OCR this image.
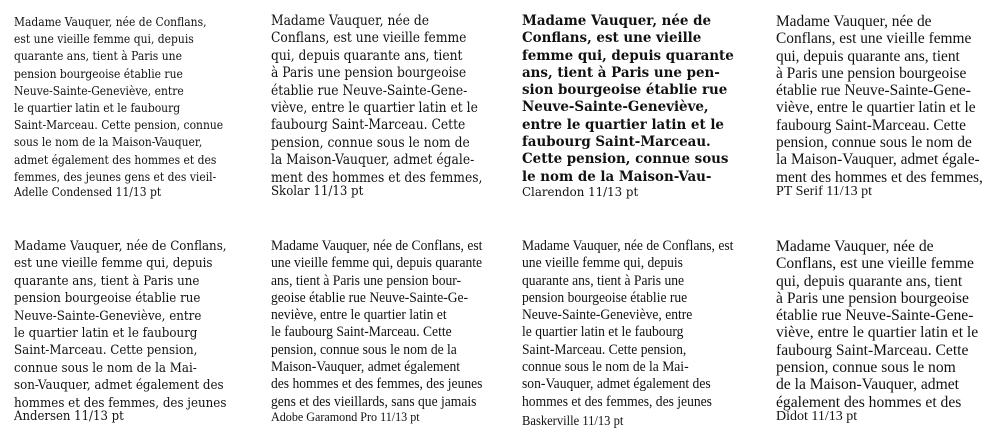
Madame Vauquer, née de Conflans,
est une vieille femme qui, depuis
quarante ans, tient à Paris une
pension bourgeoise établie rue
Neuve-Sainte-Geneviève, entre
le quartier latin et le faubourg
Saint-Marceau. Cette pension, connue
sous le nom de la Maison-Vauquer,
admet également des hommes et des
femmes, des jeunes gens et des vieil-

Adelle Condensed 11/13 pt

Madame Vauquer, née de
Conflans, est une vieille femme
qui, depuis quarante ans, tient
à Paris une pension bourgeoise
établie rue Neuve-Sainte-Gene-
viève, entre le quartier latin et le
faubourg Saint-Marceau. Cette
pension, connue sous le nom de
la Maison-Vauquer, admet égale-
ment des hommes et des femmes,

Skolar 11/13 pt

Madame Vauquer, née de
Conflans, est une vieille
femme qui, depuis quarante
ans, tient à Paris une pen-
sion bourgeoise établie rue
Neuve-Sainte-Geneviève,
entre le quartier latin et le
faubourg Saint-Marceau.
Cette pension, connue sous
le nom de la Maison-Vau-

Clarendon 11/13 pt

Madame Vauquer, née de
Conflans, est une vieille femme
qui, depuis quarante ans, tient
à Paris une pension bourgeoise
établie rue Neuve-Sainte-Gene-
viève, entre le quartier latin et le
faubourg Saint-Marceau. Cette
pension, connue sous le nom de
la Maison-Vauquer, admet égale-
ment des hommes et des femmes,

PT Serif 11/13 pt

Madame Vauquer, née de Conflans,
est une vieille femme qui, depuis
quarante ans, tient à Paris une
pension bourgeoise établie rue
Neuve-Sainte-Geneviève, entre
le quartier latin et le faubourg
Saint-Marceau. Cette pension,
connue sous le nom de la Mai-
son-Vauquer, admet également des
hommes et des femmes, des jeunes

Andersen 11/13 pt

Madame Vauquer, née de Conflans, est
une vieille femme qui, depuis quarante
ans, tient à Paris une pension bour-
geoise établie rue Neuve-Sainte-Ge-
neviève, entre le quartier latin et
le faubourg Saint-Marceau. Cette
pension, connue sous le nom de la
Maison-Vauquer, admet également
des hommes et des femmes, des jeunes
gens et des vieillards, sans que jamais

Adobe Garamond Pro 11/13 pt

Madame Vauquer, née de Conflans, est
une vieille femme qui, depuis
quarante ans, tient à Paris une
pension bourgeoise établie rue
Neuve-Sainte-Geneviève, entre
le quartier latin et le faubourg
Saint-Marceau. Cette pension,
connue sous le nom de la Mai-
son-Vauquer, admet également des
hommes et des femmes, des jeunes

Baskerville 11/13 pt

Madame Vauquer, née de
Conflans, est une vieille femme
qui, depuis quarante ans, tient
à Paris une pension bourgeoise
établie rue Neuve-Sainte-Gene-
viève, entre le quartier latin et le
faubourg Saint-Marceau. Cette
pension, connue sous le nom
de la Maison-Vauquer, admet
également des hommes et des

Didot 11/13 pt
